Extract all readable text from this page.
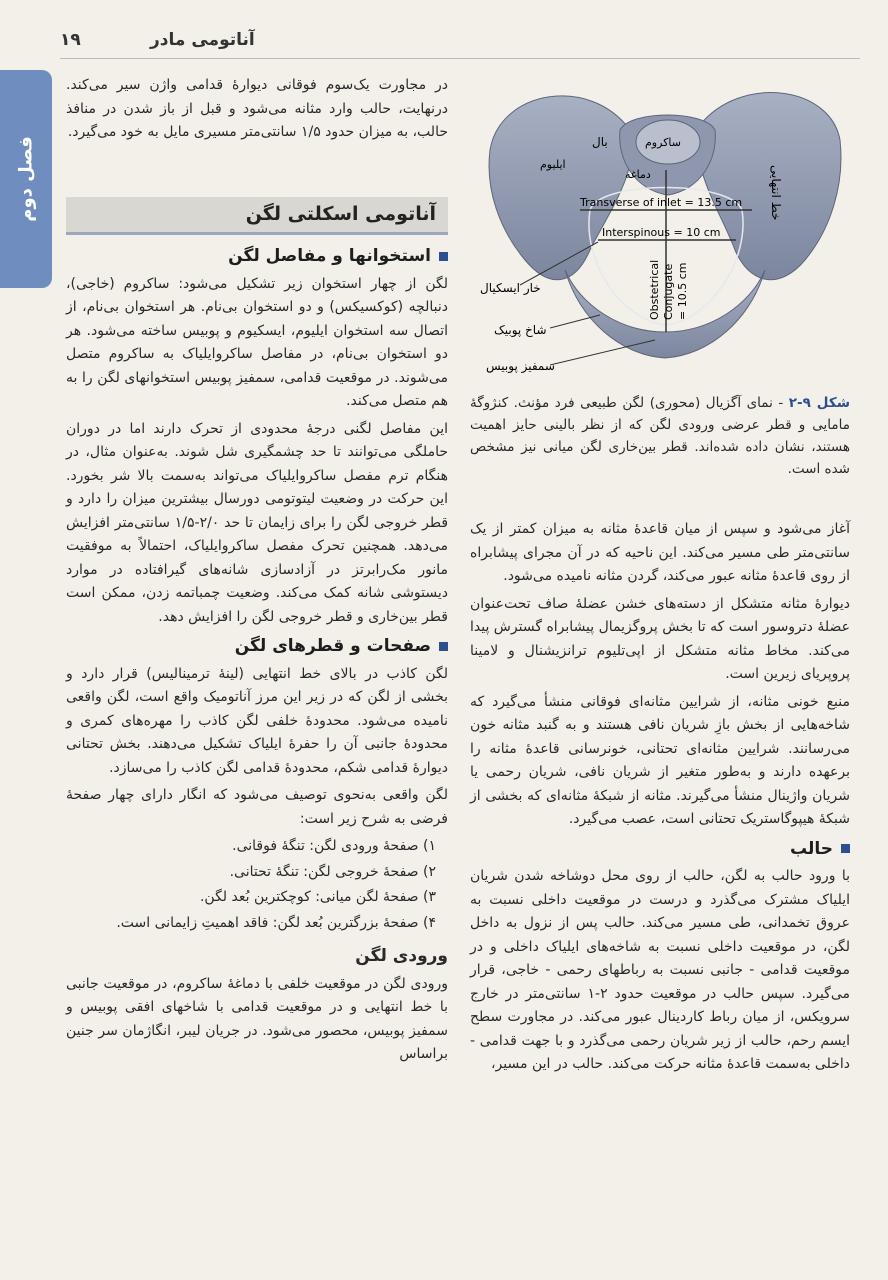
آناتومی مادر
۱۹
فصل دوم

در مجاورت یک‌سوم فوقانی دیوارهٔ قدامی واژن سیر می‌کند. درنهایت، حالب وارد مثانه می‌شود و قبل از باز شدن در منافذ حالب، به میزان حدود ۱/۵ سانتی‌متر مسیری مایل به خود می‌گیرد.

آناتومی اسکلتی لگن
استخوانها و مفاصل لگن

لگن از چهار استخوان زیر تشکیل می‌شود: ساکروم (خاجی)، دنبالچه (کوکسیکس) و دو استخوان بی‌نام. هر استخوان بی‌نام، از اتصال سه استخوان ایلیوم، ایسکیوم و پوبیس ساخته می‌شود. هر دو استخوان بی‌نام، در مفاصل ساکروایلیاک به ساکروم متصل می‌شوند. در موقعیت قدامی، سمفیز پوبیس استخوانهای لگن را به هم متصل می‌کند.

این مفاصل لگنی درجهٔ محدودی از تحرک دارند اما در دوران حاملگی می‌توانند تا حد چشمگیری شل شوند. به‌عنوان مثال، در هنگام ترم مفصل ساکروایلیاک می‌تواند به‌سمت بالا شر بخورد. این حرکت در وضعیت لیتوتومی دورسال بیشترین میزان را دارد و قطر خروجی لگن را برای زایمان تا حد ۲/۰-۱/۵ سانتی‌متر افزایش می‌دهد. همچنین تحرک مفصل ساکروایلیاک، احتمالاً به موفقیت مانور مک‌رابرتز در آزادسازی شانه‌های گیرافتاده در موارد دیستوشی شانه کمک می‌کند. وضعیت چمباتمه زدن، ممکن است قطر بین‌خاری و قطر خروجی لگن را افزایش دهد.

صفحات و قطرهای لگن

لگن کاذب در بالای خط انتهایی (لینهٔ ترمینالیس) قرار دارد و بخشی از لگن که در زیر این مرز آناتومیک واقع است، لگن واقعی نامیده می‌شود. محدودهٔ خلفی لگن کاذب را مهره‌های کمری و محدودهٔ جانبی آن را حفرهٔ ایلیاک تشکیل می‌دهند. بخش تحتانی دیوارهٔ قدامی شکم، محدودهٔ قدامی لگن کاذب را می‌سازد.

لگن واقعی به‌نحوی توصیف می‌شود که انگار دارای چهار صفحهٔ فرضی به شرح زیر است:

۱) صفحهٔ ورودی لگن: تنگهٔ فوقانی.
۲) صفحهٔ خروجی لگن: تنگهٔ تحتانی.
۳) صفحهٔ لگن میانی: کوچکترین بُعد لگن.
۴) صفحهٔ بزرگترین بُعد لگن: فاقد اهمیتِ زایمانی است.
ورودی لگن

ورودی لگن در موقعیت خلفی با دماغهٔ ساکروم، در موقعیت جانبی با خط انتهایی و در موقعیت قدامی با شاخهای افقی پوبیس و سمفیز پوبیس، محصور می‌شود. در جریان لیبر، انگاژمان سر جنین براساس

ایلیوم
بال	ساکروم
دماغه
Transverse of inlet = 13.5 cm
Interspinous = 10 cm
Obstetrical Conjugate = 10.5 cm
خط انتهایی
خار ایسکیال
شاخ پوبیک
سمفیز پوبیس
شکل ۹-۲ - نمای آگزیال (محوری) لگن طبیعی فرد مؤنث. کنژوگهٔ مامایی و قطر عرضی ورودی لگن که از نظر بالینی حایز اهمیت هستند، نشان داده شده‌اند. قطر بین‌خاری لگن میانی نیز مشخص شده است.

آغاز می‌شود و سپس از میان قاعدهٔ مثانه به میزان کمتر از یک سانتی‌متر طی مسیر می‌کند. این ناحیه که در آن مجرای پیشابراه از روی قاعدهٔ مثانه عبور می‌کند، گردن مثانه نامیده می‌شود.

دیوارهٔ مثانه متشکل از دسته‌های خشن عضلهٔ صاف تحت‌عنوان عضلهٔ دتروسور است که تا بخش پروگزیمال پیشابراه گسترش پیدا می‌کند. مخاط مثانه متشکل از اپی‌تلیوم ترانزیشنال و لامینا پروپریای زیرین است.

منبع خونی مثانه، از شرایین مثانه‌ای فوقانی منشأ می‌گیرد که شاخه‌هایی از بخش بازِ شریان نافی هستند و به گنبد مثانه خون می‌رسانند. شرایین مثانه‌ای تحتانی، خونرسانی قاعدهٔ مثانه را برعهده دارند و به‌طور متغیر از شریان نافی، شریان رحمی یا شریان واژینال منشأ می‌گیرند. مثانه از شبکهٔ مثانه‌ای که بخشی از شبکهٔ هیپوگاستریک تحتانی است، عصب می‌گیرد.

حالب

با ورود حالب به لگن، حالب از روی محل دوشاخه شدن شریان ایلیاک مشترک می‌گذرد و درست در موقعیت داخلی نسبت به عروق تخمدانی، طی مسیر می‌کند. حالب پس از نزول به داخل لگن، در موقعیت داخلی نسبت به شاخه‌های ایلیاک داخلی و در موقعیت قدامی - جانبی نسبت به رباطهای رحمی - خاجی، قرار می‌گیرد. سپس حالب در موقعیت حدود ۲-۱ سانتی‌متر در خارج سرویکس، از میان رباط کاردینال عبور می‌کند. در مجاورت سطح ایسم رحم، حالب از زیر شریان رحمی می‌گذرد و با جهت قدامی - داخلی به‌سمت قاعدهٔ مثانه حرکت می‌کند. حالب در این مسیر،
